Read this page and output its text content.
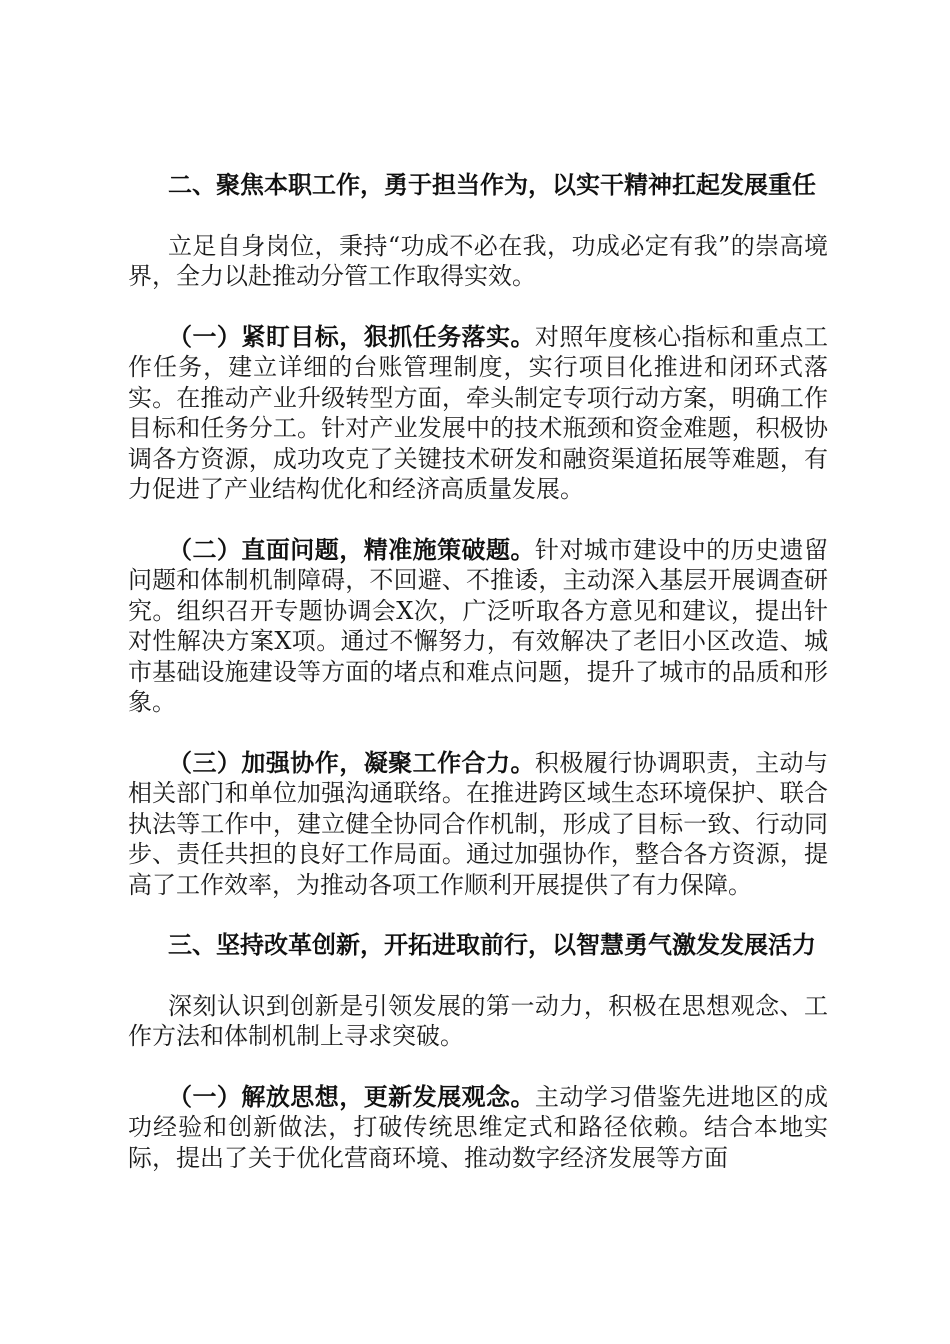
二、聚焦本职工作，勇于担当作为，以实干精神扛起发展重任

立足自身岗位，秉持“功成不必在我，功成必定有我”的崇高境界，全力以赴推动分管工作取得实效。

（一）紧盯目标，狠抓任务落实。对照年度核心指标和重点工作任务，建立详细的台账管理制度，实行项目化推进和闭环式落实。在推动产业升级转型方面，牵头制定专项行动方案，明确工作目标和任务分工。针对产业发展中的技术瓶颈和资金难题，积极协调各方资源，成功攻克了关键技术研发和融资渠道拓展等难题，有力促进了产业结构优化和经济高质量发展。

（二）直面问题，精准施策破题。针对城市建设中的历史遗留问题和体制机制障碍，不回避、不推诿，主动深入基层开展调查研究。组织召开专题协调会X次，广泛听取各方意见和建议，提出针对性解决方案X项。通过不懈努力，有效解决了老旧小区改造、城市基础设施建设等方面的堵点和难点问题，提升了城市的品质和形象。

（三）加强协作，凝聚工作合力。积极履行协调职责，主动与相关部门和单位加强沟通联络。在推进跨区域生态环境保护、联合执法等工作中，建立健全协同合作机制，形成了目标一致、行动同步、责任共担的良好工作局面。通过加强协作，整合各方资源，提高了工作效率，为推动各项工作顺利开展提供了有力保障。

三、坚持改革创新，开拓进取前行，以智慧勇气激发发展活力

深刻认识到创新是引领发展的第一动力，积极在思想观念、工作方法和体制机制上寻求突破。

（一）解放思想，更新发展观念。主动学习借鉴先进地区的成功经验和创新做法，打破传统思维定式和路径依赖。结合本地实际，提出了关于优化营商环境、推动数字经济发展等方面
